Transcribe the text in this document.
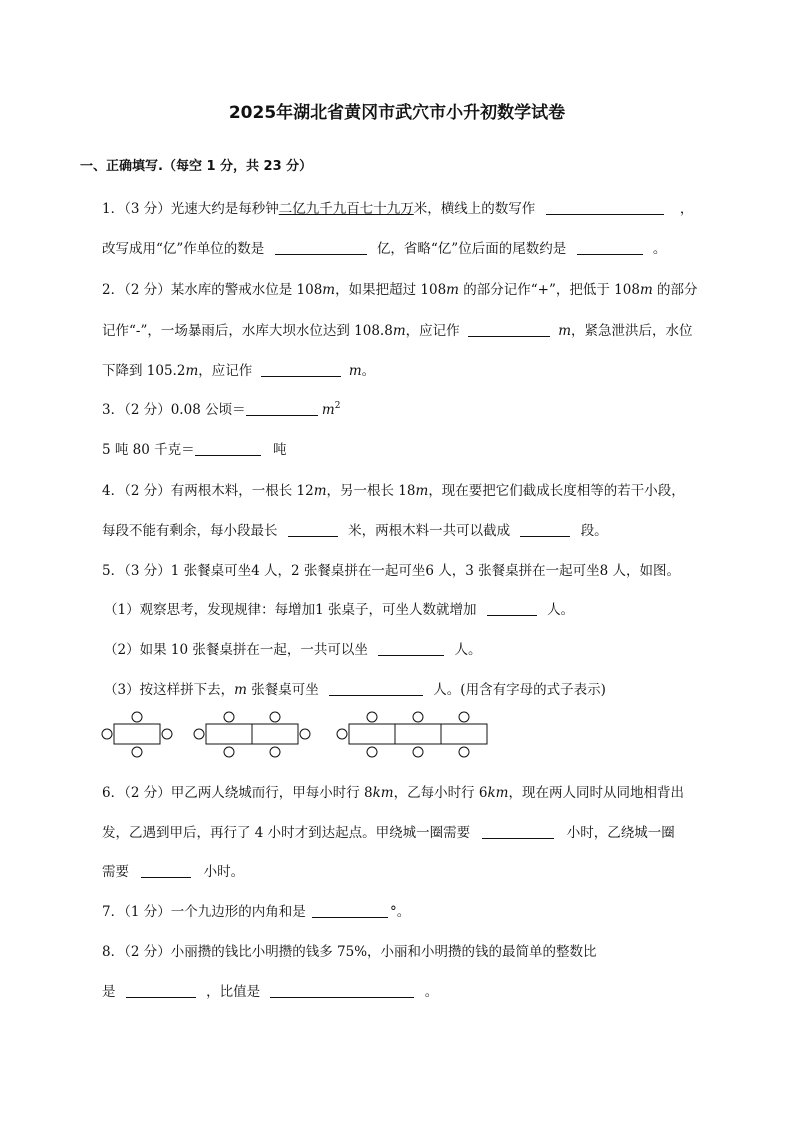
2025年湖北省黄冈市武穴市小升初数学试卷
一、正确填写.（每空 1 分，共 23 分）
1．（3 分）光速大约是每秒钟二亿九千九百七十九万米，横线上的数写作	，
改写成用“亿”作单位的数是	亿，省略“亿”位后面的尾数约是	。
2．（2 分）某水库的警戒水位是 108m，如果把超过 108m 的部分记作“+”，把低于 108m 的部分
记作“-”，一场暴雨后，水库大坝水位达到 108.8m，应记作	m，紧急泄洪后，水位
下降到 105.2m，应记作	m。
3．（2 分）0.08 公顷＝	$m^2$
5 吨 80 千克＝	吨
4．（2 分）有两根木料，一根长 12m，另一根长 18m，现在要把它们截成长度相等的若干小段，
每段不能有剩余，每小段最长	米，两根木料一共可以截成	段。
5．（3 分）1 张餐桌可坐4 人，2 张餐桌拼在一起可坐6 人，3 张餐桌拼在一起可坐8 人，如图。
（1）观察思考，发现规律：每增加1 张桌子，可坐人数就增加	人。
（2）如果 10 张餐桌拼在一起，一共可以坐	人。
（3）按这样拼下去，m 张餐桌可坐	人。(用含有字母的式子表示)
6．（2 分）甲乙两人绕城而行，甲每小时行 8km，乙每小时行 6km，现在两人同时从同地相背出
发，乙遇到甲后，再行了 4 小时才到达起点。甲绕城一圈需要	小时，乙绕城一圈
需要	小时。
7．（1 分）一个九边形的内角和是	°。
8．（2 分）小丽攒的钱比小明攒的钱多 75%，小丽和小明攒的钱的最简单的整数比
是	，比值是	。
